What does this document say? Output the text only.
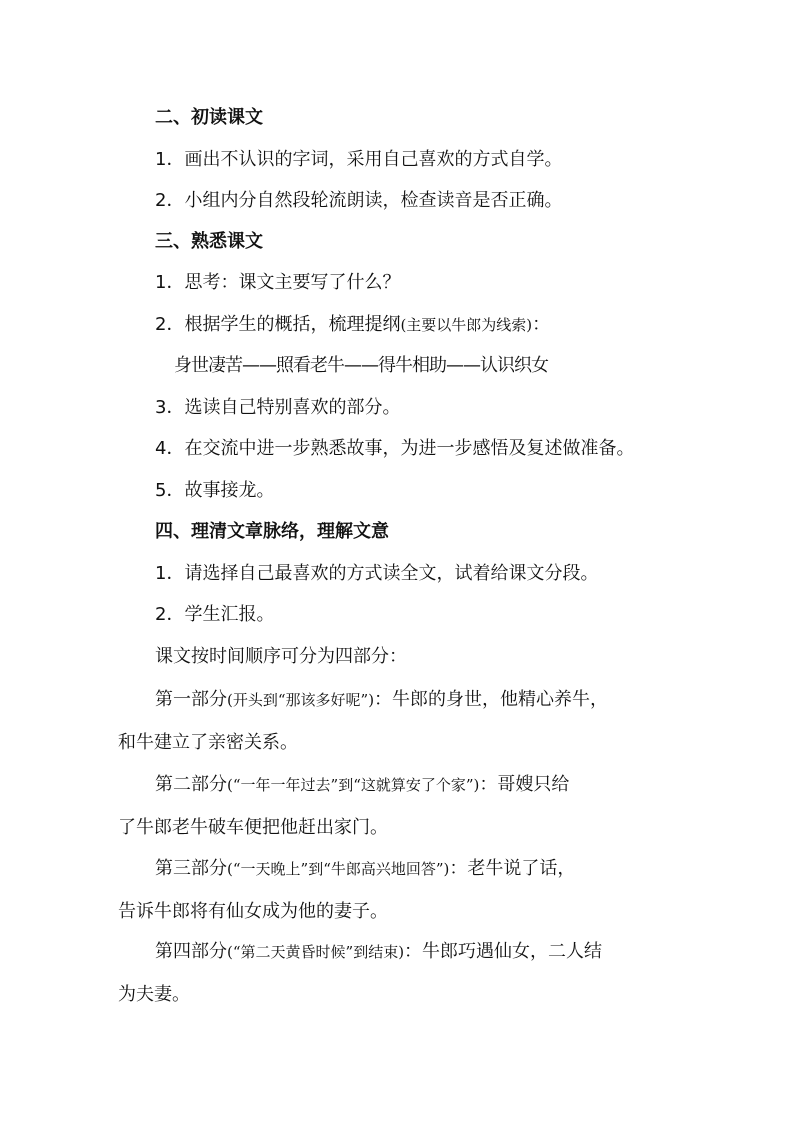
二、初读课文
1．画出不认识的字词，采用自己喜欢的方式自学。
2．小组内分自然段轮流朗读，检查读音是否正确。
三、熟悉课文
1．思考：课文主要写了什么？
2．根据学生的概括，梳理提纲(主要以牛郎为线索)：
身世凄苦——照看老牛——得牛相助——认识织女
3．选读自己特别喜欢的部分。
4．在交流中进一步熟悉故事，为进一步感悟及复述做准备。
5．故事接龙。
四、理清文章脉络，理解文意
1．请选择自己最喜欢的方式读全文，试着给课文分段。
2．学生汇报。
课文按时间顺序可分为四部分：
第一部分(开头到“那该多好呢”)：牛郎的身世，他精心养牛，
和牛建立了亲密关系。
第二部分(“一年一年过去”到“这就算安了个家”)：哥嫂只给
了牛郎老牛破车便把他赶出家门。
第三部分(“一天晚上”到“牛郎高兴地回答”)：老牛说了话，
告诉牛郎将有仙女成为他的妻子。
第四部分(“第二天黄昏时候”到结束)：牛郎巧遇仙女，二人结
为夫妻。
